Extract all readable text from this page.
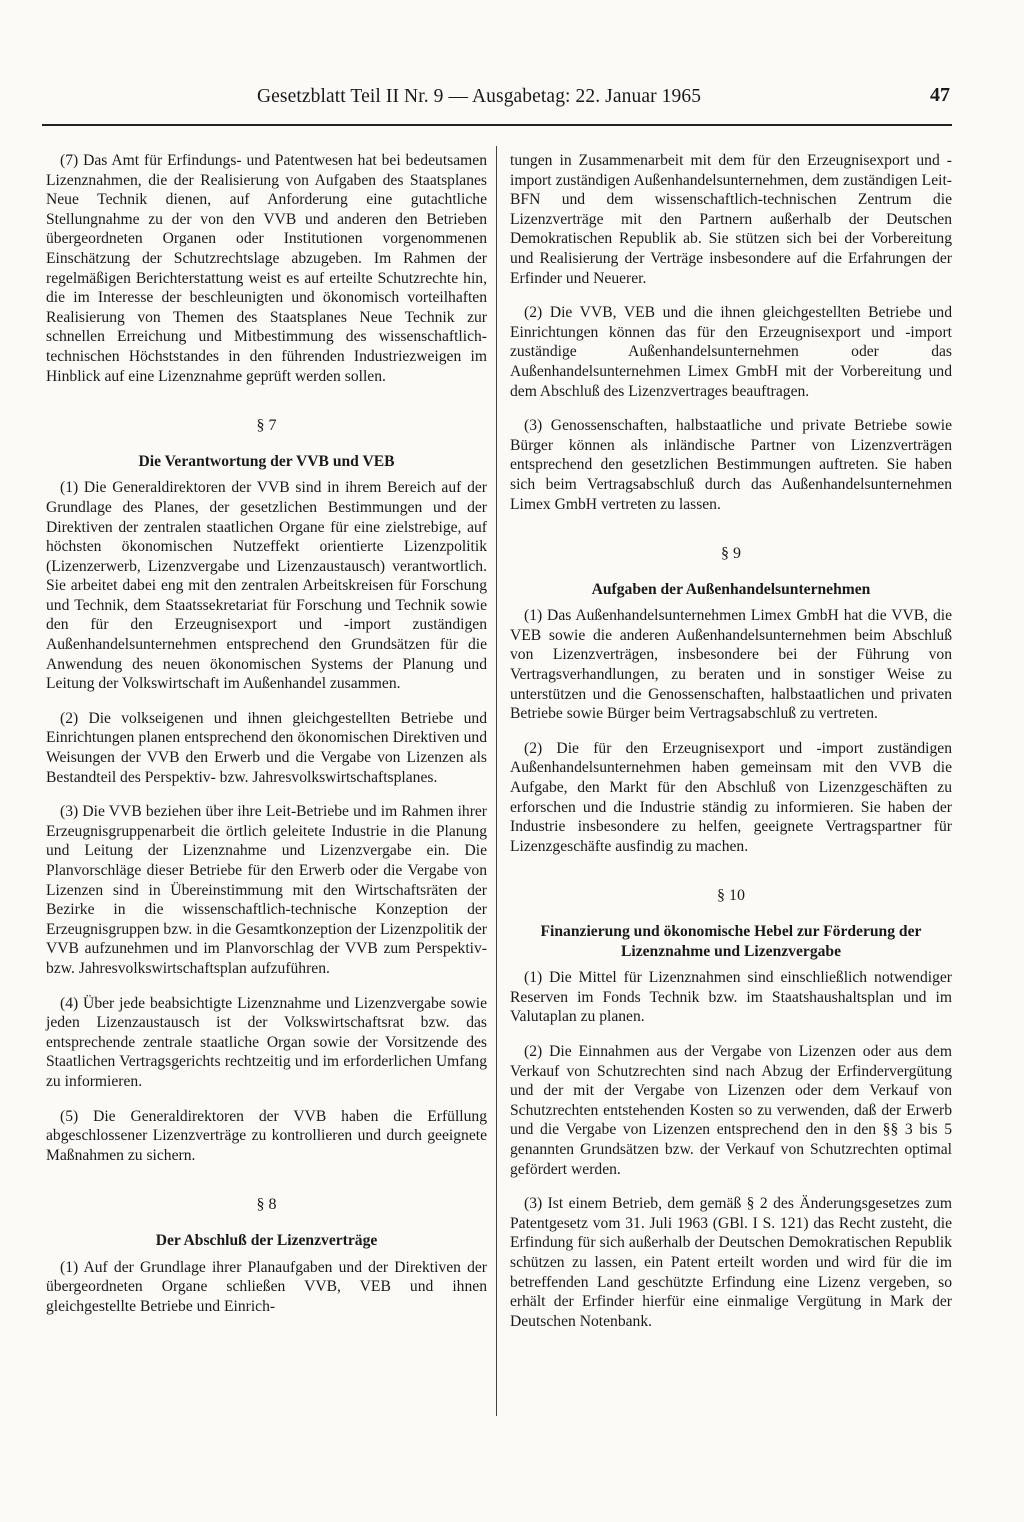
Gesetzblatt Teil II Nr. 9 — Ausgabetag: 22. Januar 1965	47

(7) Das Amt für Erfindungs- und Patentwesen hat bei bedeutsamen Lizenznahmen, die der Realisierung von Aufgaben des Staatsplanes Neue Technik dienen, auf Anforderung eine gutachtliche Stellungnahme zu der von den VVB und anderen den Betrieben übergeordneten Organen oder Institutionen vorgenommenen Einschätzung der Schutzrechtslage abzugeben. Im Rahmen der regelmäßigen Berichterstattung weist es auf erteilte Schutzrechte hin, die im Interesse der beschleunigten und ökonomisch vorteilhaften Realisierung von Themen des Staatsplanes Neue Technik zur schnellen Erreichung und Mitbestimmung des wissenschaftlich-technischen Höchststandes in den führenden Industriezweigen im Hinblick auf eine Lizenznahme geprüft werden sollen.

§ 7
Die Verantwortung der VVB und VEB

(1) Die Generaldirektoren der VVB sind in ihrem Bereich auf der Grundlage des Planes, der gesetzlichen Bestimmungen und der Direktiven der zentralen staatlichen Organe für eine zielstrebige, auf höchsten ökonomischen Nutzeffekt orientierte Lizenzpolitik (Lizenzerwerb, Lizenzvergabe und Lizenzaustausch) verantwortlich. Sie arbeitet dabei eng mit den zentralen Arbeitskreisen für Forschung und Technik, dem Staatssekretariat für Forschung und Technik sowie den für den Erzeugnisexport und -import zuständigen Außenhandelsunternehmen entsprechend den Grundsätzen für die Anwendung des neuen ökonomischen Systems der Planung und Leitung der Volkswirtschaft im Außenhandel zusammen.

(2) Die volkseigenen und ihnen gleichgestellten Betriebe und Einrichtungen planen entsprechend den ökonomischen Direktiven und Weisungen der VVB den Erwerb und die Vergabe von Lizenzen als Bestandteil des Perspektiv- bzw. Jahresvolkswirtschaftsplanes.

(3) Die VVB beziehen über ihre Leit-Betriebe und im Rahmen ihrer Erzeugnisgruppenarbeit die örtlich geleitete Industrie in die Planung und Leitung der Lizenznahme und Lizenzvergabe ein. Die Planvorschläge dieser Betriebe für den Erwerb oder die Vergabe von Lizenzen sind in Übereinstimmung mit den Wirtschaftsräten der Bezirke in die wissenschaftlich-technische Konzeption der Erzeugnisgruppen bzw. in die Gesamtkonzeption der Lizenzpolitik der VVB aufzunehmen und im Planvorschlag der VVB zum Perspektiv- bzw. Jahresvolkswirtschaftsplan aufzuführen.

(4) Über jede beabsichtigte Lizenznahme und Lizenzvergabe sowie jeden Lizenzaustausch ist der Volkswirtschaftsrat bzw. das entsprechende zentrale staatliche Organ sowie der Vorsitzende des Staatlichen Vertragsgerichts rechtzeitig und im erforderlichen Umfang zu informieren.

(5) Die Generaldirektoren der VVB haben die Erfüllung abgeschlossener Lizenzverträge zu kontrollieren und durch geeignete Maßnahmen zu sichern.

§ 8
Der Abschluß der Lizenzverträge

(1) Auf der Grundlage ihrer Planaufgaben und der Direktiven der übergeordneten Organe schließen VVB, VEB und ihnen gleichgestellte Betriebe und Einrich-

tungen in Zusammenarbeit mit dem für den Erzeugnisexport und -import zuständigen Außenhandelsunternehmen, dem zuständigen Leit-BFN und dem wissenschaftlich-technischen Zentrum die Lizenzverträge mit den Partnern außerhalb der Deutschen Demokratischen Republik ab. Sie stützen sich bei der Vorbereitung und Realisierung der Verträge insbesondere auf die Erfahrungen der Erfinder und Neuerer.

(2) Die VVB, VEB und die ihnen gleichgestellten Betriebe und Einrichtungen können das für den Erzeugnisexport und -import zuständige Außenhandelsunternehmen oder das Außenhandelsunternehmen Limex GmbH mit der Vorbereitung und dem Abschluß des Lizenzvertrages beauftragen.

(3) Genossenschaften, halbstaatliche und private Betriebe sowie Bürger können als inländische Partner von Lizenzverträgen entsprechend den gesetzlichen Bestimmungen auftreten. Sie haben sich beim Vertragsabschluß durch das Außenhandelsunternehmen Limex GmbH vertreten zu lassen.

§ 9
Aufgaben der Außenhandelsunternehmen

(1) Das Außenhandelsunternehmen Limex GmbH hat die VVB, die VEB sowie die anderen Außenhandelsunternehmen beim Abschluß von Lizenzverträgen, insbesondere bei der Führung von Vertragsverhandlungen, zu beraten und in sonstiger Weise zu unterstützen und die Genossenschaften, halbstaatlichen und privaten Betriebe sowie Bürger beim Vertragsabschluß zu vertreten.

(2) Die für den Erzeugnisexport und -import zuständigen Außenhandelsunternehmen haben gemeinsam mit den VVB die Aufgabe, den Markt für den Abschluß von Lizenzgeschäften zu erforschen und die Industrie ständig zu informieren. Sie haben der Industrie insbesondere zu helfen, geeignete Vertragspartner für Lizenzgeschäfte ausfindig zu machen.

§ 10
Finanzierung und ökonomische Hebel zur Förderung der Lizenznahme und Lizenzvergabe

(1) Die Mittel für Lizenznahmen sind einschließlich notwendiger Reserven im Fonds Technik bzw. im Staatshaushaltsplan und im Valutaplan zu planen.

(2) Die Einnahmen aus der Vergabe von Lizenzen oder aus dem Verkauf von Schutzrechten sind nach Abzug der Erfindervergütung und der mit der Vergabe von Lizenzen oder dem Verkauf von Schutzrechten entstehenden Kosten so zu verwenden, daß der Erwerb und die Vergabe von Lizenzen entsprechend den in den §§ 3 bis 5 genannten Grundsätzen bzw. der Verkauf von Schutzrechten optimal gefördert werden.

(3) Ist einem Betrieb, dem gemäß § 2 des Änderungsgesetzes zum Patentgesetz vom 31. Juli 1963 (GBl. I S. 121) das Recht zusteht, die Erfindung für sich außerhalb der Deutschen Demokratischen Republik schützen zu lassen, ein Patent erteilt worden und wird für die im betreffenden Land geschützte Erfindung eine Lizenz vergeben, so erhält der Erfinder hierfür eine einmalige Vergütung in Mark der Deutschen Notenbank.
